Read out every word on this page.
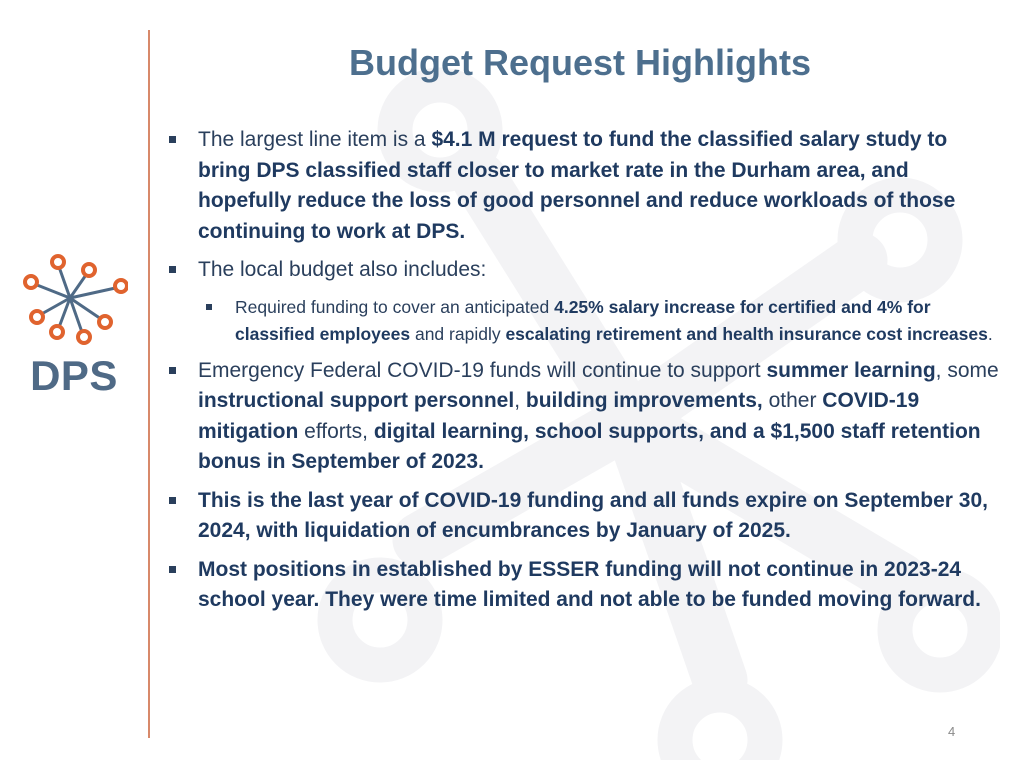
DPS
Budget Request Highlights
The largest line item is a $4.1 M request to fund the classified salary study to bring DPS classified staff closer to market rate in the Durham area, and hopefully reduce the loss of good personnel and reduce workloads of those continuing to work at DPS.
The local budget also includes:
Required funding to cover an anticipated 4.25% salary increase for certified and 4% for classified employees and rapidly escalating retirement and health insurance cost increases.
Emergency Federal COVID-19 funds will continue to support summer learning, some instructional support personnel, building improvements, other COVID-19 mitigation efforts, digital learning, school supports, and a $1,500 staff retention bonus in September of 2023.
This is the last year of COVID-19 funding and all funds expire on September 30, 2024, with liquidation of encumbrances by January of 2025.
Most positions in established by ESSER funding will not continue in 2023-24 school year. They were time limited and not able to be funded moving forward.
4
